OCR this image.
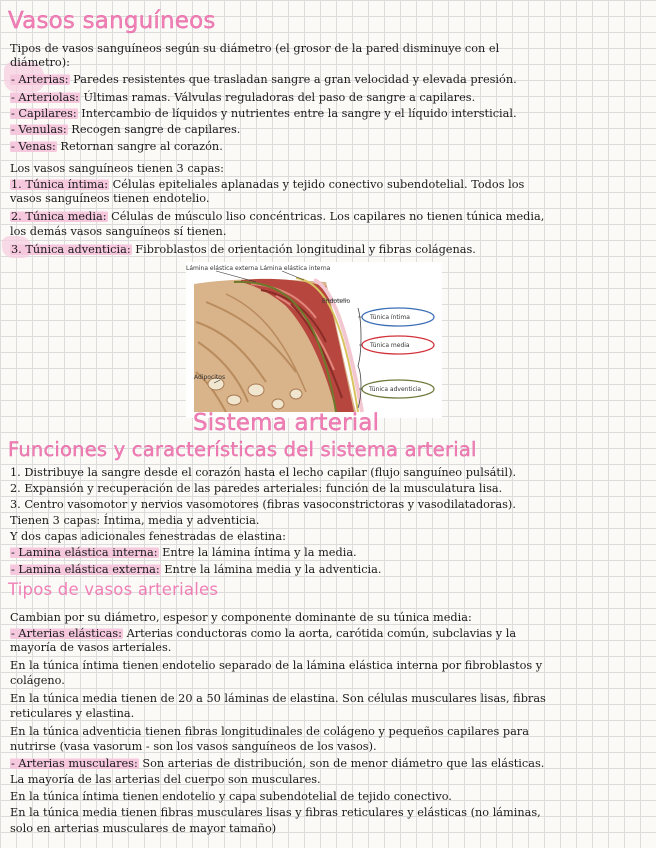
Vasos sanguíneos
Tipos de vasos sanguíneos según su diámetro (el grosor de la pared disminuye con el
diámetro):
- Arterias: Paredes resistentes que trasladan sangre a gran velocidad y elevada presión.
- Arteriolas: Últimas ramas. Válvulas reguladoras del paso de sangre a capilares.
- Capilares: Intercambio de líquidos y nutrientes entre la sangre y el líquido intersticial.
- Venulas: Recogen sangre de capilares.
- Venas: Retornan sangre al corazón.
Los vasos sanguíneos tienen 3 capas:
1. Túnica íntima: Células epiteliales aplanadas y tejido conectivo subendotelial. Todos los
vasos sanguíneos tienen endotelio.
2. Túnica media: Células de músculo liso concéntricas. Los capilares no tienen túnica media,
los demás vasos sanguíneos sí tienen.
3. Túnica adventicia: Fibroblastos de orientación longitudinal y fibras colágenas.
Lámina elástica externa Lámina elástica interna
Endotelio
Adipocitos
Túnica íntima
Túnica media
Túnica adventicia
Sistema arterial
Funciones y características del sistema arterial
1. Distribuye la sangre desde el corazón hasta el lecho capilar (flujo sanguíneo pulsátil).
2. Expansión y recuperación de las paredes arteriales: función de la musculatura lisa.
3. Centro vasomotor y nervios vasomotores (fibras vasoconstrictoras y vasodilatadoras).
Tienen 3 capas: Íntima, media y adventicia.
Y dos capas adicionales fenestradas de elastina:
- Lamina elástica interna: Entre la lámina íntima y la media.
- Lamina elástica externa: Entre la lámina media y la adventicia.
Tipos de vasos arteriales
Cambian por su diámetro, espesor y componente dominante de su túnica media:
- Arterias elásticas: Arterias conductoras como la aorta, carótida común, subclavias y la
mayoría de vasos arteriales.
En la túnica íntima tienen endotelio separado de la lámina elástica interna por fibroblastos y
colágeno.
En la túnica media tienen de 20 a 50 láminas de elastina. Son células musculares lisas, fibras
reticulares y elastina.
En la túnica adventicia tienen fibras longitudinales de colágeno y pequeños capilares para
nutrirse (vasa vasorum - son los vasos sanguíneos de los vasos).
- Arterias musculares: Son arterias de distribución, son de menor diámetro que las elásticas.
La mayoría de las arterias del cuerpo son musculares.
En la túnica íntima tienen endotelio y capa subendotelial de tejido conectivo.
En la túnica media tienen fibras musculares lisas y fibras reticulares y elásticas (no láminas,
solo en arterias musculares de mayor tamaño)
